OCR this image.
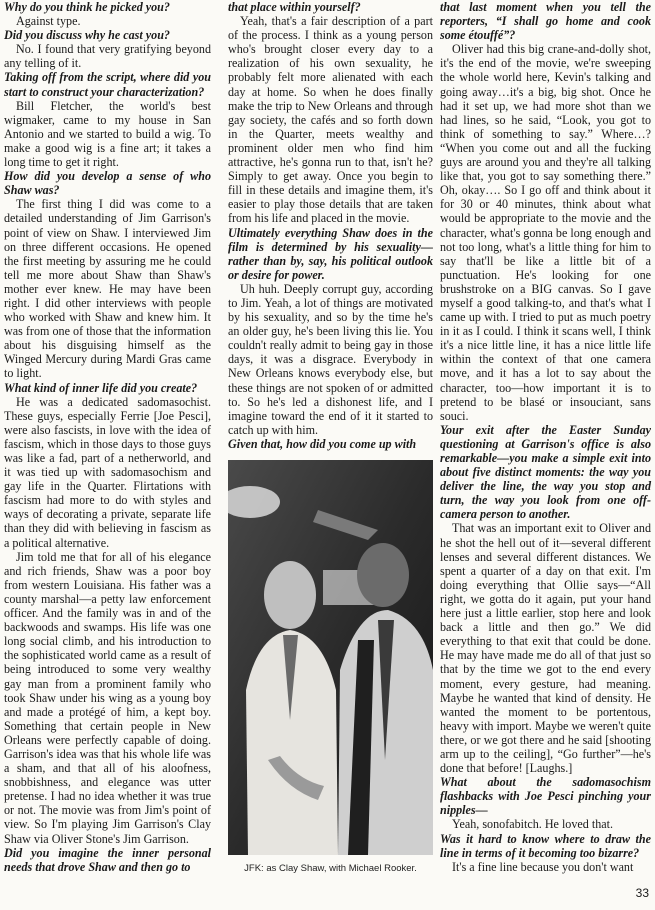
Why do you think he picked you?

Against type.

Did you discuss why he cast you?

No. I found that very gratifying beyond any telling of it.

Taking off from the script, where did you start to construct your characterization?

Bill Fletcher, the world's best wigmaker, came to my house in San Antonio and we started to build a wig. To make a good wig is a fine art; it takes a long time to get it right.

How did you develop a sense of who Shaw was?

The first thing I did was come to a detailed understanding of Jim Garrison's point of view on Shaw. I interviewed Jim on three different occasions. He opened the first meeting by assuring me he could tell me more about Shaw than Shaw's mother ever knew. He may have been right. I did other interviews with people who worked with Shaw and knew him. It was from one of those that the information about his disguising himself as the Winged Mercury during Mardi Gras came to light.

What kind of inner life did you create?

He was a dedicated sadomasochist. These guys, especially Ferrie [Joe Pesci], were also fascists, in love with the idea of fascism, which in those days to those guys was like a fad, part of a netherworld, and it was tied up with sadomasochism and gay life in the Quarter. Flirtations with fascism had more to do with styles and ways of decorating a private, separate life than they did with believing in fascism as a political alternative.

Jim told me that for all of his elegance and rich friends, Shaw was a poor boy from western Louisiana. His father was a county marshal—a petty law enforcement officer. And the family was in and of the backwoods and swamps. His life was one long social climb, and his introduction to the sophisticated world came as a result of being introduced to some very wealthy gay man from a prominent family who took Shaw under his wing as a young boy and made a protégé of him, a kept boy. Something that certain people in New Orleans were perfectly capable of doing. Garrison's idea was that his whole life was a sham, and that all of his aloofness, snobbishness, and elegance was utter pretense. I had no idea whether it was true or not. The movie was from Jim's point of view. So I'm playing Jim Garrison's Clay Shaw via Oliver Stone's Jim Garrison.

Did you imagine the inner personal needs that drove Shaw and then go to

that place within yourself?

Yeah, that's a fair description of a part of the process. I think as a young person who's brought closer every day to a realization of his own sexuality, he probably felt more alienated with each day at home. So when he does finally make the trip to New Orleans and through gay society, the cafés and so forth down in the Quarter, meets wealthy and prominent older men who find him attractive, he's gonna run to that, isn't he? Simply to get away. Once you begin to fill in these details and imagine them, it's easier to play those details that are taken from his life and placed in the movie.

Ultimately everything Shaw does in the film is determined by his sexuality—rather than by, say, his political outlook or desire for power.

Uh huh. Deeply corrupt guy, according to Jim. Yeah, a lot of things are motivated by his sexuality, and so by the time he's an older guy, he's been living this lie. You couldn't really admit to being gay in those days, it was a disgrace. Everybody in New Orleans knows everybody else, but these things are not spoken of or admitted to. So he's led a dishonest life, and I imagine toward the end of it it started to catch up with him.

Given that, how did you come up with

that last moment when you tell the reporters, “I shall go home and cook some étouffé”?

Oliver had this big crane-and-dolly shot, it's the end of the movie, we're sweeping the whole world here, Kevin's talking and going away…it's a big, big shot. Once he had it set up, we had more shot than we had lines, so he said, “Look, you got to think of something to say.” Where…? “When you come out and all the fucking guys are around you and they're all talking like that, you got to say something there.” Oh, okay…. So I go off and think about it for 30 or 40 minutes, think about what would be appropriate to the movie and the character, what's gonna be long enough and not too long, what's a little thing for him to say that'll be like a little bit of a punctuation. He's looking for one brushstroke on a BIG canvas. So I gave myself a good talking-to, and that's what I came up with. I tried to put as much poetry in it as I could. I think it scans well, I think it's a nice little line, it has a nice little life within the context of that one camera move, and it has a lot to say about the character, too—how important it is to pretend to be blasé or insouciant, sans souci.

Your exit after the Easter Sunday questioning at Garrison's office is also remarkable—you make a simple exit into about five distinct moments: the way you deliver the line, the way you stop and turn, the way you look from one off-camera person to another.

That was an important exit to Oliver and he shot the hell out of it—several different lenses and several different distances. We spent a quarter of a day on that exit. I'm doing everything that Ollie says—“All right, we gotta do it again, put your hand here just a little earlier, stop here and look back a little and then go.” We did everything to that exit that could be done. He may have made me do all of that just so that by the time we got to the end every moment, every gesture, had meaning. Maybe he wanted that kind of density. He wanted the moment to be portentous, heavy with import. Maybe we weren't quite there, or we got there and he said [shooting arm up to the ceiling], “Go further”—he's done that before! [Laughs.]

What about the sadomasochism flashbacks with Joe Pesci pinching your nipples—

Yeah, sonofabitch. He loved that.

Was it hard to know where to draw the line in terms of it becoming too bizarre?

It's a fine line because you don't want

JFK: as Clay Shaw, with Michael Rooker.
33
